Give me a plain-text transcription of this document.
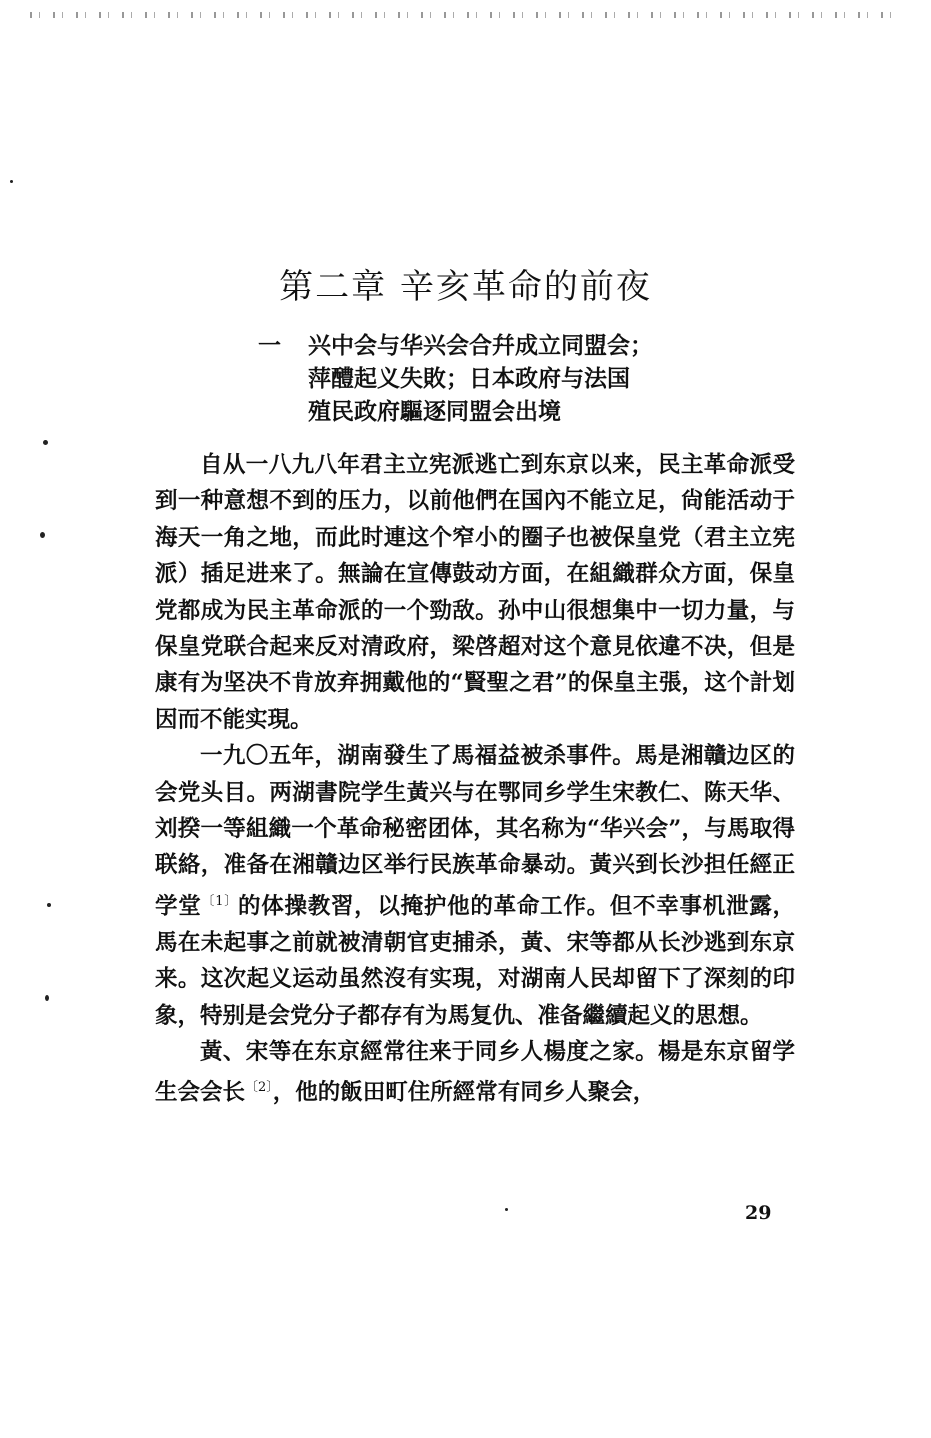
第二章 辛亥革命的前夜
一 兴中会与华兴会合幷成立同盟会；
萍醴起义失敗；日本政府与法国
殖民政府驅逐同盟会出境

自从一八九八年君主立宪派逃亡到东京以来，民主革命派受到一种意想不到的压力，以前他們在国內不能立足，尙能活动于海天一角之地，而此时連这个窄小的圈子也被保皇党（君主立宪派）插足进来了。無論在宣傳鼓动方面，在組織群众方面，保皇党都成为民主革命派的一个勁敌。孙中山很想集中一切力量，与保皇党联合起来反对清政府，梁啓超对这个意見依違不决，但是康有为坚决不肯放弃拥戴他的“賢聖之君”的保皇主張，这个計划因而不能实現。

一九〇五年，湖南發生了馬福益被杀事件。馬是湘贛边区的会党头目。两湖書院学生黃兴与在鄂同乡学生宋教仁、陈天华、刘揆一等組織一个革命秘密团体，其名称为“华兴会”，与馬取得联絡，准备在湘贛边区举行民族革命暴动。黃兴到长沙担任經正学堂$^{〔1〕}$的体操教習，以掩护他的革命工作。但不幸事机泄露，馬在未起事之前就被清朝官吏捕杀，黃、宋等都从长沙逃到东京来。这次起义运动虽然沒有实現，对湖南人民却留下了深刻的印象，特别是会党分子都存有为馬复仇、准备繼續起义的思想。

黃、宋等在东京經常往来于同乡人楊度之家。楊是东京留学生会会长$^{〔2〕}$，他的飯田町住所經常有同乡人聚会，

29
